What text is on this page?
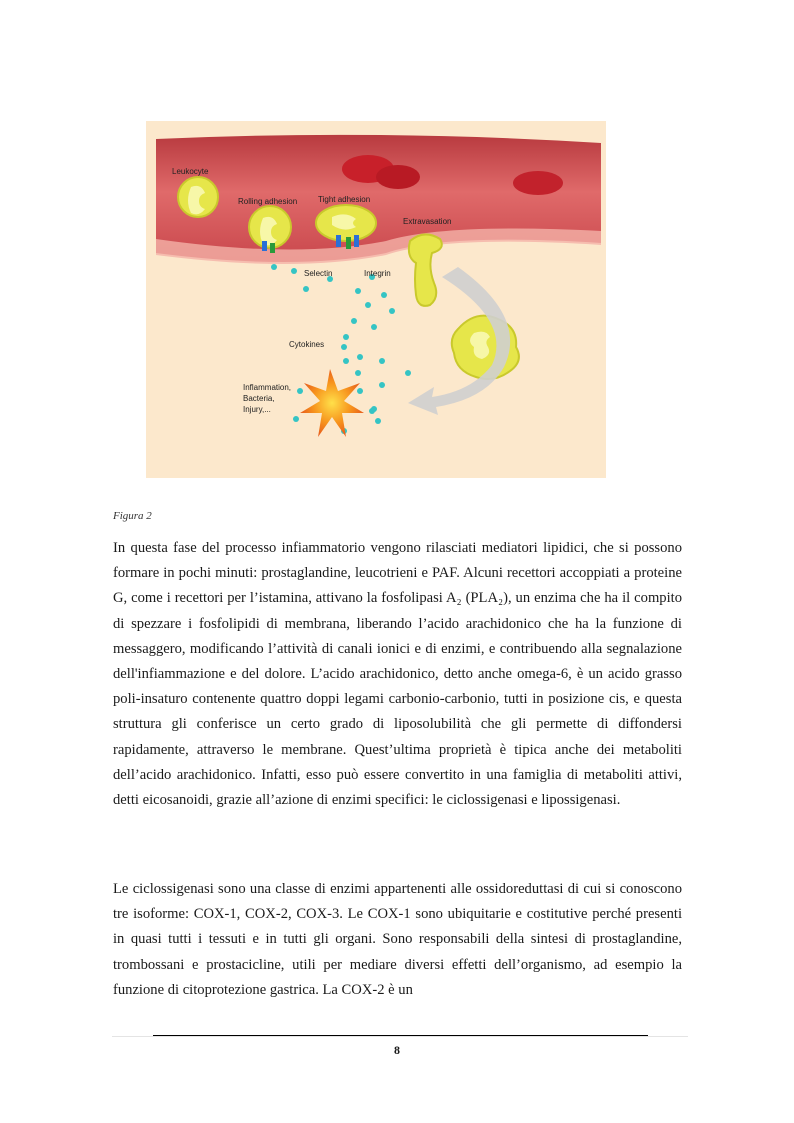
Leukocyte
Rolling adhesion	Tight adhesion
Extravasation
Selectin	Integrin
Cytokines
Inflammation,
Bacteria,
Injury,...
Figura 2

In questa fase del processo infiammatorio vengono rilasciati mediatori lipidici, che si possono formare in pochi minuti: prostaglandine, leucotrieni e PAF. Alcuni recettori accoppiati a proteine G, come i recettori per l’istamina, attivano la fosfolipasi A₂ (PLA₂), un enzima che ha il compito di spezzare i fosfolipidi di membrana, liberando l’acido arachidonico che ha la funzione di messaggero, modificando l’attività di canali ionici e di enzimi, e contribuendo alla segnalazione dell'infiammazione e del dolore. L’acido arachidonico, detto anche omega-6, è un acido grasso poli-insaturo contenente quattro doppi legami carbonio-carbonio, tutti in posizione cis, e questa struttura gli conferisce un certo grado di liposolubilità che gli permette di diffondersi rapidamente, attraverso le membrane. Quest’ultima proprietà è tipica anche dei metaboliti dell’acido arachidonico. Infatti, esso può essere convertito in una famiglia di metaboliti attivi, detti eicosanoidi, grazie all’azione di enzimi specifici: le ciclossigenasi e lipossigenasi.

Le ciclossigenasi sono una classe di enzimi appartenenti alle ossidoreduttasi di cui si conoscono tre isoforme: COX-1, COX-2, COX-3. Le COX-1 sono ubiquitarie e costitutive perché presenti in quasi tutti i tessuti e in tutti gli organi. Sono responsabili della sintesi di prostaglandine, trombossani e prostacicline, utili per mediare diversi effetti dell’organismo, ad esempio la funzione di citoprotezione gastrica. La COX-2 è un

8
